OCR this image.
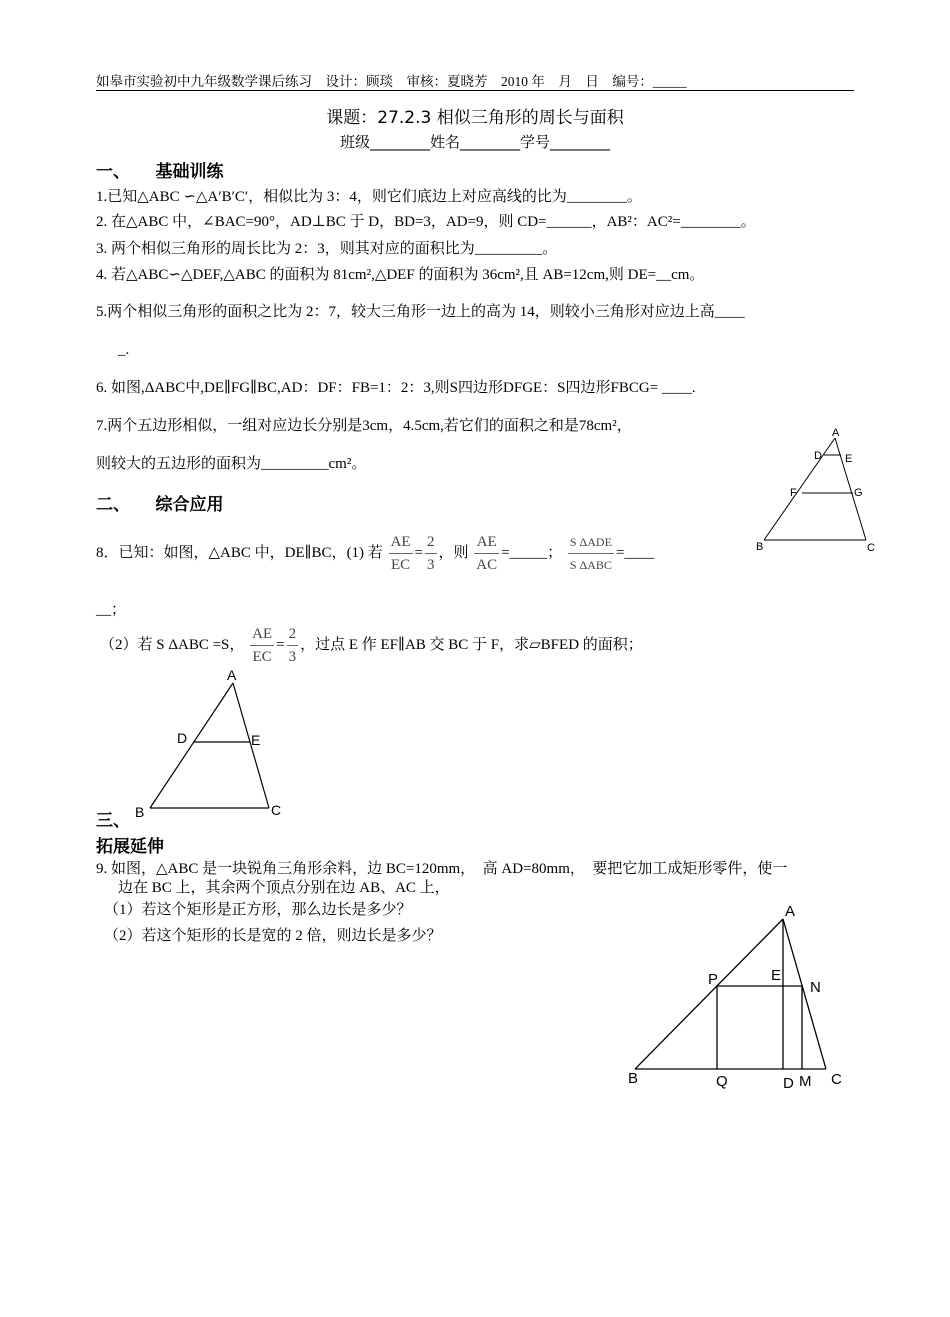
如皋市实验初中九年级数学课后练习　设计：顾琰　审核：夏晓芳　2010 年　月　日　编号：_____
课题：27.2.3 相似三角形的周长与面积
班级________姓名________学号________
一、　　基础训练
1.已知△ABC ∽△A′B′C′，相似比为 3：4，则它们底边上对应高线的比为________。
2. 在△ABC 中，∠BAC=90°，AD⊥BC 于 D，BD=3，AD=9，则 CD=______，AB²：AC²=________。
3. 两个相似三角形的周长比为 2：3，则其对应的面积比为_________。
4. 若△ABC∽△DEF,△ABC 的面积为 81cm²,△DEF 的面积为 36cm²,且 AB=12cm,则 DE=__cm。
5.两个相似三角形的面积之比为 2：7，较大三角形一边上的高为 14，则较小三角形对应边上高____
_.
6. 如图,ΔABC中,DE∥FG∥BC,AD：DF：FB=1：2：3,则S四边形DFGE：S四边形FBCG= ____.
7.两个五边形相似，一组对应边长分别是3cm，4.5cm,若它们的面积之和是78cm²，
则较大的五边形的面积为_________cm²。
A
D E
F	G
B	C
二、　　综合应用
8．已知：如图，△ABC 中，DE∥BC，(1) 若 $\frac{AE}{EC} = \frac{2}{3}$ ，则 $\frac{AE}{AC}$ =_____； $\frac{\text{S ΔADE}}{\text{S ΔABC}}$ =____
__；
（2）若 S ΔABC =S， $\frac{AE}{EC} = \frac{2}{3}$ ，过点 E 作 EF∥AB 交 BC 于 F，求▱BFED 的面积；
A
D	E
B	C
三、
拓展延伸
9. 如图，△ABC 是一块锐角三角形余料，边 BC=120mm，　高 AD=80mm，　要把它加工成矩形零件，使一
边在 BC 上，其余两个顶点分别在边 AB、AC 上，
（1）若这个矩形是正方形，那么边长是多少？
（2）若这个矩形的长是宽的 2 倍，则边长是多少？
A
P	E
N
B	Q	D M C
